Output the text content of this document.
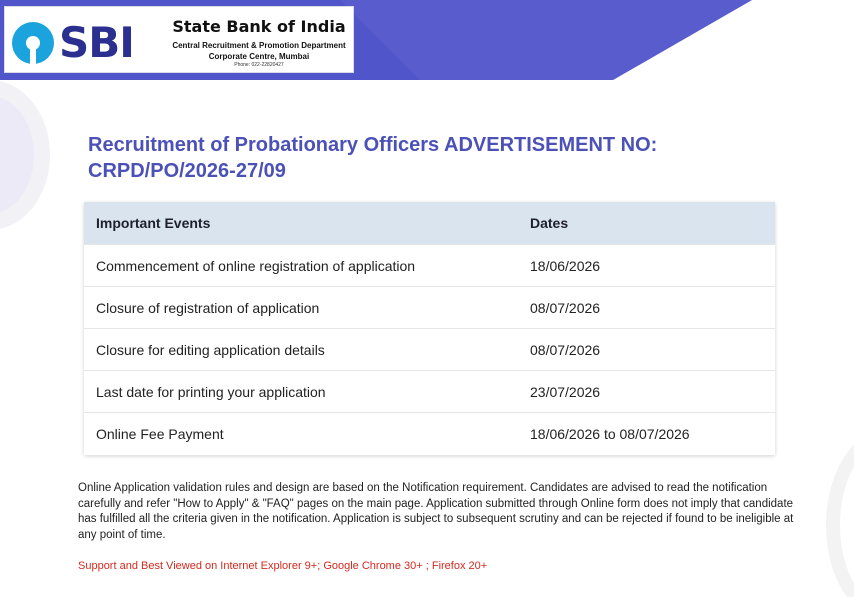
SBI	State Bank of India
Central Recruitment & Promotion Department
Corporate Centre, Mumbai
Phone: 022-22820427
Recruitment of Probationary Officers ADVERTISEMENT NO: CRPD/PO/2026-27/09
Important Events	Dates
Commencement of online registration of application	18/06/2026
Closure of registration of application	08/07/2026
Closure for editing application details	08/07/2026
Last date for printing your application	23/07/2026
Online Fee Payment	18/06/2026 to 08/07/2026

Online Application validation rules and design are based on the Notification requirement. Candidates are advised to read the notification carefully and refer "How to Apply" & "FAQ" pages on the main page. Application submitted through Online form does not imply that candidate has fulfilled all the criteria given in the notification. Application is subject to subsequent scrutiny and can be rejected if found to be ineligible at any point of time.

Support and Best Viewed on Internet Explorer 9+; Google Chrome 30+ ; Firefox 20+
